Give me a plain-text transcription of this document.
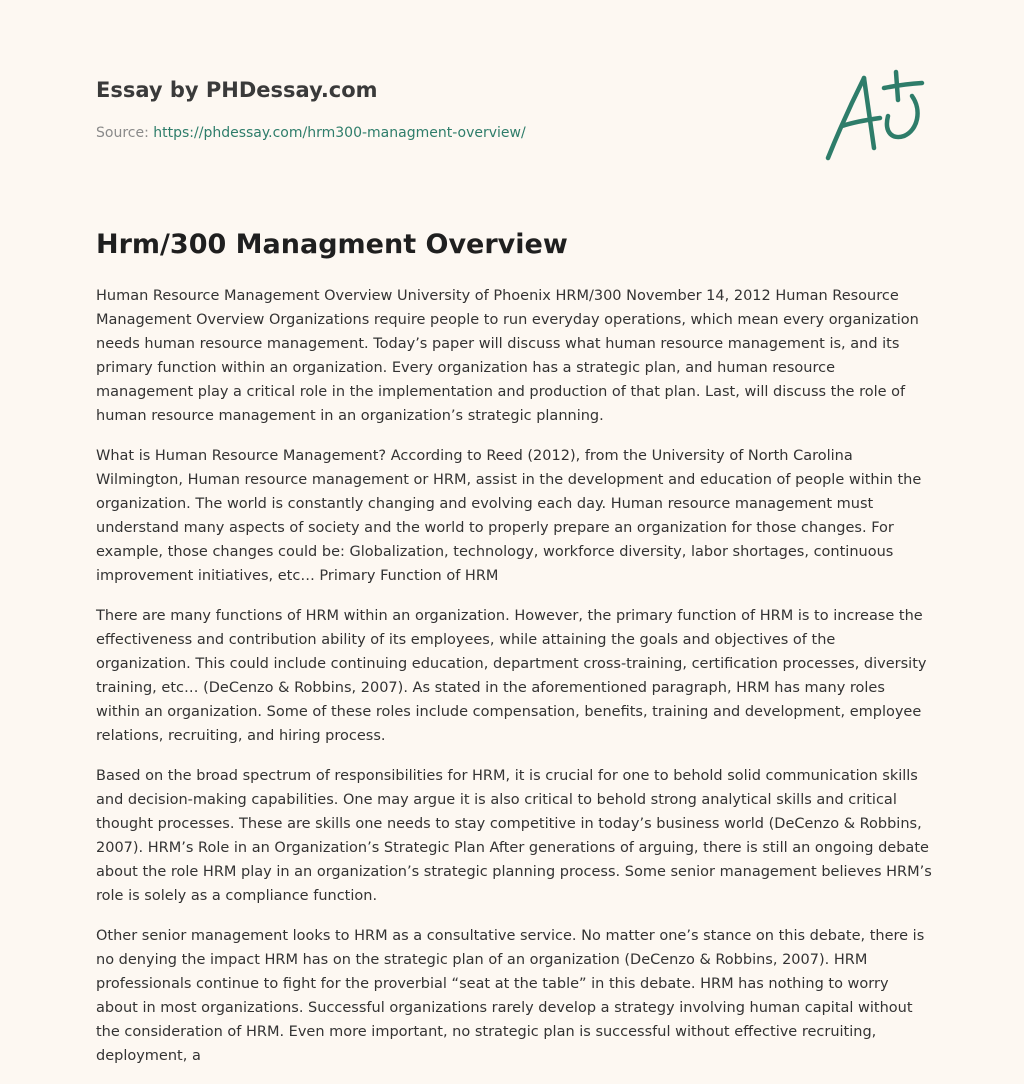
Essay by PHDessay.com
Source: https://phdessay.com/hrm300-managment-overview/
Hrm/300 Managment Overview

Human Resource Management Overview University of Phoenix HRM/300 November 14, 2012 Human Resource Management Overview Organizations require people to run everyday operations, which mean every organization needs human resource management. Today’s paper will discuss what human resource management is, and its primary function within an organization. Every organization has a strategic plan, and human resource management play a critical role in the implementation and production of that plan. Last, will discuss the role of human resource management in an organization’s strategic planning.

What is Human Resource Management? According to Reed (2012), from the University of North Carolina Wilmington, Human resource management or HRM, assist in the development and education of people within the organization. The world is constantly changing and evolving each day. Human resource management must understand many aspects of society and the world to properly prepare an organization for those changes. For example, those changes could be: Globalization, technology, workforce diversity, labor shortages, continuous improvement initiatives, etc… Primary Function of HRM

There are many functions of HRM within an organization. However, the primary function of HRM is to increase the effectiveness and contribution ability of its employees, while attaining the goals and objectives of the organization. This could include continuing education, department cross-training, certification processes, diversity training, etc… (DeCenzo & Robbins, 2007). As stated in the aforementioned paragraph, HRM has many roles within an organization. Some of these roles include compensation, benefits, training and development, employee relations, recruiting, and hiring process.

Based on the broad spectrum of responsibilities for HRM, it is crucial for one to behold solid communication skills and decision-making capabilities. One may argue it is also critical to behold strong analytical skills and critical thought processes. These are skills one needs to stay competitive in today’s business world (DeCenzo & Robbins, 2007). HRM’s Role in an Organization’s Strategic Plan After generations of arguing, there is still an ongoing debate about the role HRM play in an organization’s strategic planning process. Some senior management believes HRM’s role is solely as a compliance function.

Other senior management looks to HRM as a consultative service. No matter one’s stance on this debate, there is no denying the impact HRM has on the strategic plan of an organization (DeCenzo & Robbins, 2007). HRM professionals continue to fight for the proverbial “seat at the table” in this debate. HRM has nothing to worry about in most organizations. Successful organizations rarely develop a strategy involving human capital without the consideration of HRM. Even more important, no strategic plan is successful without effective recruiting, deployment, a
